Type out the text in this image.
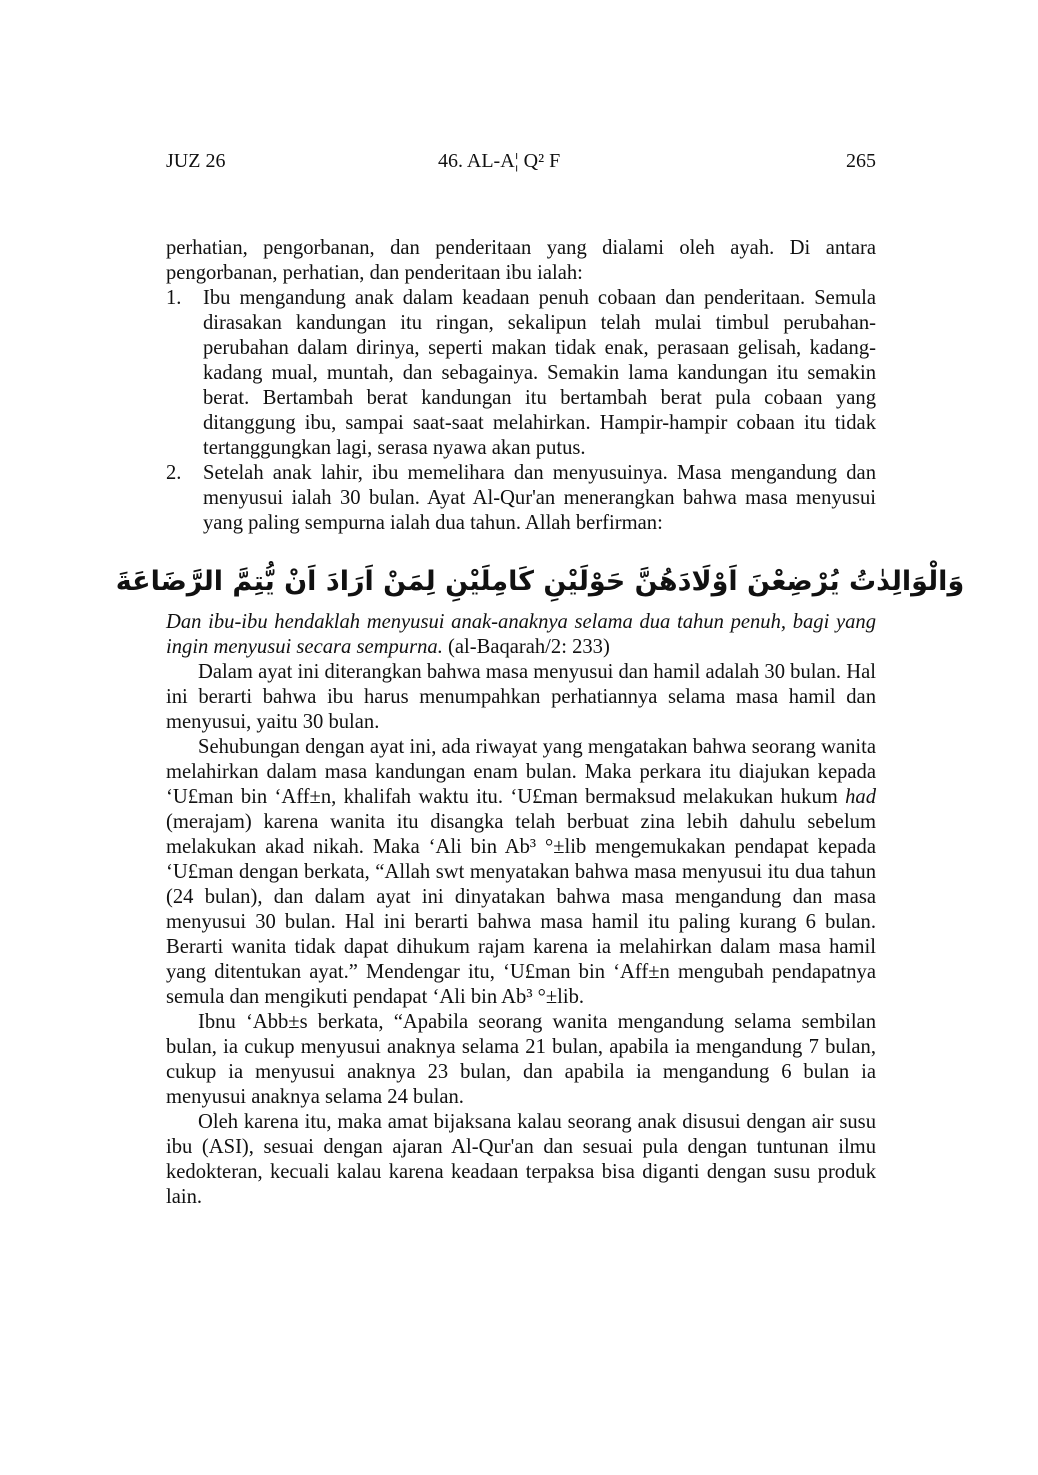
JUZ 26	46. AL-A¦ Q² F	265

perhatian, pengorbanan, dan penderitaan yang dialami oleh ayah. Di antara pengorbanan, perhatian, dan penderitaan ibu ialah:

1. Ibu mengandung anak dalam keadaan penuh cobaan dan penderitaan. Semula dirasakan kandungan itu ringan, sekalipun telah mulai timbul perubahan-perubahan dalam dirinya, seperti makan tidak enak, perasaan gelisah, kadang-kadang mual, muntah, dan sebagainya. Semakin lama kandungan itu semakin berat. Bertambah berat kandungan itu bertambah berat pula cobaan yang ditanggung ibu, sampai saat-saat melahirkan. Hampir-hampir cobaan itu tidak tertanggungkan lagi, serasa nyawa akan putus.
2. Setelah anak lahir, ibu memelihara dan menyusuinya. Masa mengandung dan menyusui ialah 30 bulan. Ayat Al-Qur'an menerangkan bahwa masa menyusui yang paling sempurna ialah dua tahun. Allah berfirman:
وَالْوَالِدٰتُ يُرْضِعْنَ اَوْلَادَهُنَّ حَوْلَيْنِ كَامِلَيْنِ لِمَنْ اَرَادَ اَنْ يُّتِمَّ الرَّضَاعَةَ

Dan ibu-ibu hendaklah menyusui anak-anaknya selama dua tahun penuh, bagi yang ingin menyusui secara sempurna. (al-Baqarah/2: 233)

Dalam ayat ini diterangkan bahwa masa menyusui dan hamil adalah 30 bulan. Hal ini berarti bahwa ibu harus menumpahkan perhatiannya selama masa hamil dan menyusui, yaitu 30 bulan.

Sehubungan dengan ayat ini, ada riwayat yang mengatakan bahwa seorang wanita melahirkan dalam masa kandungan enam bulan. Maka perkara itu diajukan kepada ‘U£man bin ‘Aff±n, khalifah waktu itu. ‘U£man bermaksud melakukan hukum had (merajam) karena wanita itu disangka telah berbuat zina lebih dahulu sebelum melakukan akad nikah. Maka ‘Ali bin Ab³ °±lib mengemukakan pendapat kepada ‘U£man dengan berkata, “Allah swt menyatakan bahwa masa menyusui itu dua tahun (24 bulan), dan dalam ayat ini dinyatakan bahwa masa mengandung dan masa menyusui 30 bulan. Hal ini berarti bahwa masa hamil itu paling kurang 6 bulan. Berarti wanita tidak dapat dihukum rajam karena ia melahirkan dalam masa hamil yang ditentukan ayat.” Mendengar itu, ‘U£man bin ‘Aff±n mengubah pendapatnya semula dan mengikuti pendapat ‘Ali bin Ab³ °±lib.

Ibnu ‘Abb±s berkata, “Apabila seorang wanita mengandung selama sembilan bulan, ia cukup menyusui anaknya selama 21 bulan, apabila ia mengandung 7 bulan, cukup ia menyusui anaknya 23 bulan, dan apabila ia mengandung 6 bulan ia menyusui anaknya selama 24 bulan.

Oleh karena itu, maka amat bijaksana kalau seorang anak disusui dengan air susu ibu (ASI), sesuai dengan ajaran Al-Qur'an dan sesuai pula dengan tuntunan ilmu kedokteran, kecuali kalau karena keadaan terpaksa bisa diganti dengan susu produk lain.
